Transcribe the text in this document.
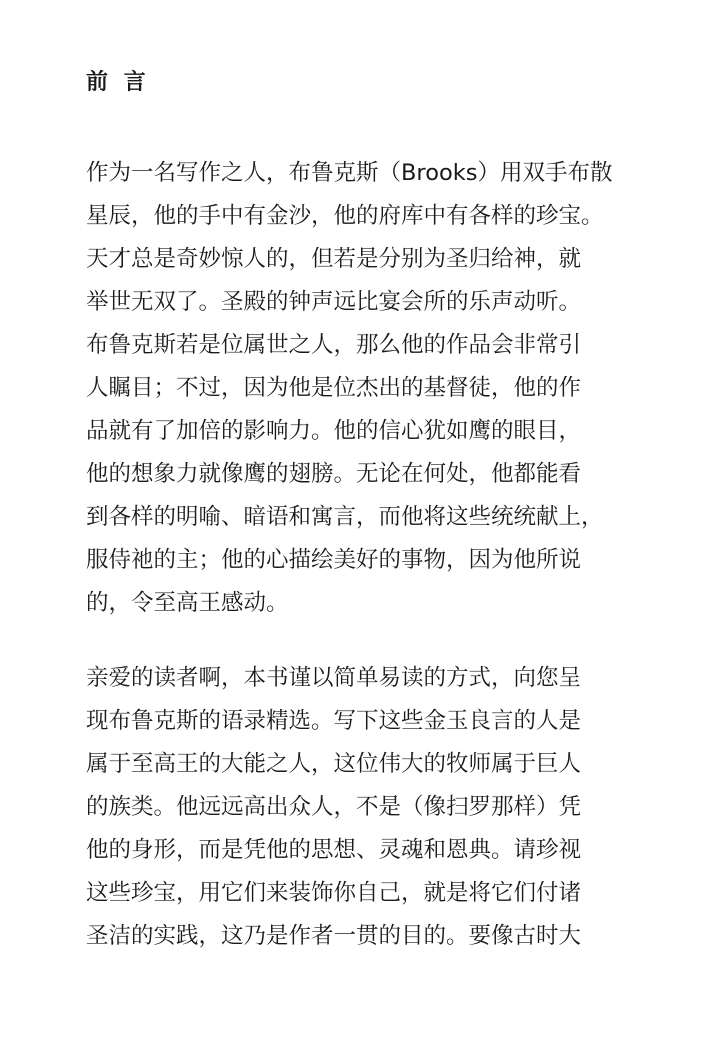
前 言
作为一名写作之人，布鲁克斯（Brooks）用双手布散
星辰，他的手中有金沙，他的府库中有各样的珍宝。
天才总是奇妙惊人的，但若是分别为圣归给神，就
举世无双了。圣殿的钟声远比宴会所的乐声动听。
布鲁克斯若是位属世之人，那么他的作品会非常引
人瞩目；不过，因为他是位杰出的基督徒，他的作
品就有了加倍的影响力。他的信心犹如鹰的眼目，
他的想象力就像鹰的翅膀。无论在何处，他都能看
到各样的明喻、暗语和寓言，而他将这些统统献上，
服侍祂的主；他的心描绘美好的事物，因为他所说
的，令至高王感动。
亲爱的读者啊，本书谨以简单易读的方式，向您呈
现布鲁克斯的语录精选。写下这些金玉良言的人是
属于至高王的大能之人，这位伟大的牧师属于巨人
的族类。他远远高出众人，不是（像扫罗那样）凭
他的身形，而是凭他的思想、灵魂和恩典。请珍视
这些珍宝，用它们来装饰你自己，就是将它们付诸
圣洁的实践，这乃是作者一贯的目的。要像古时大
